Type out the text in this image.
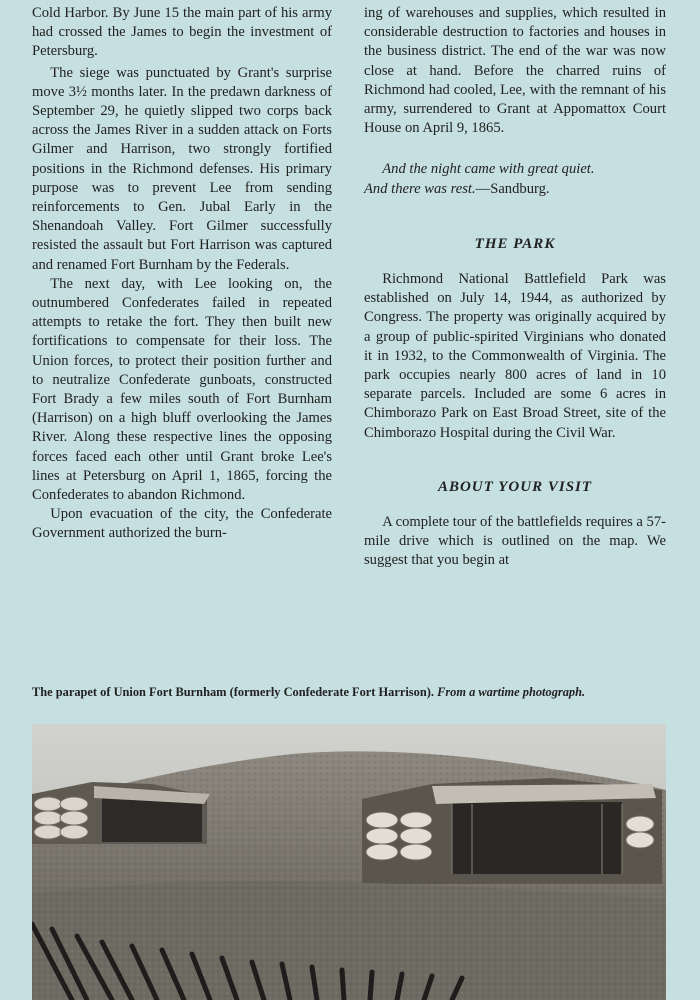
Cold Harbor. By June 15 the main part of his army had crossed the James to begin the investment of Petersburg.

The siege was punctuated by Grant's surprise move 3½ months later. In the predawn darkness of September 29, he quietly slipped two corps back across the James River in a sudden attack on Forts Gilmer and Harrison, two strongly fortified positions in the Richmond defenses. His primary purpose was to prevent Lee from sending reinforcements to Gen. Jubal Early in the Shenandoah Valley. Fort Gilmer successfully resisted the assault but Fort Harrison was captured and renamed Fort Burnham by the Federals.

The next day, with Lee looking on, the outnumbered Confederates failed in repeated attempts to retake the fort. They then built new fortifications to compensate for their loss. The Union forces, to protect their position further and to neutralize Confederate gunboats, constructed Fort Brady a few miles south of Fort Burnham (Harrison) on a high bluff overlooking the James River. Along these respective lines the opposing forces faced each other until Grant broke Lee's lines at Petersburg on April 1, 1865, forcing the Confederates to abandon Richmond.

Upon evacuation of the city, the Confederate Government authorized the burn-

ing of warehouses and supplies, which resulted in considerable destruction to factories and houses in the business district. The end of the war was now close at hand. Before the charred ruins of Richmond had cooled, Lee, with the remnant of his army, surrendered to Grant at Appomattox Court House on April 9, 1865.

And the night came with great quiet.
And there was rest.—Sandburg.

THE PARK

Richmond National Battlefield Park was established on July 14, 1944, as authorized by Congress. The property was originally acquired by a group of public-spirited Virginians who donated it in 1932, to the Commonwealth of Virginia. The park occupies nearly 800 acres of land in 10 separate parcels. Included are some 6 acres in Chimborazo Park on East Broad Street, site of the Chimborazo Hospital during the Civil War.

ABOUT YOUR VISIT

A complete tour of the battlefields requires a 57-mile drive which is outlined on the map. We suggest that you begin at

The parapet of Union Fort Burnham (formerly Confederate Fort Harrison). From a wartime photograph.
